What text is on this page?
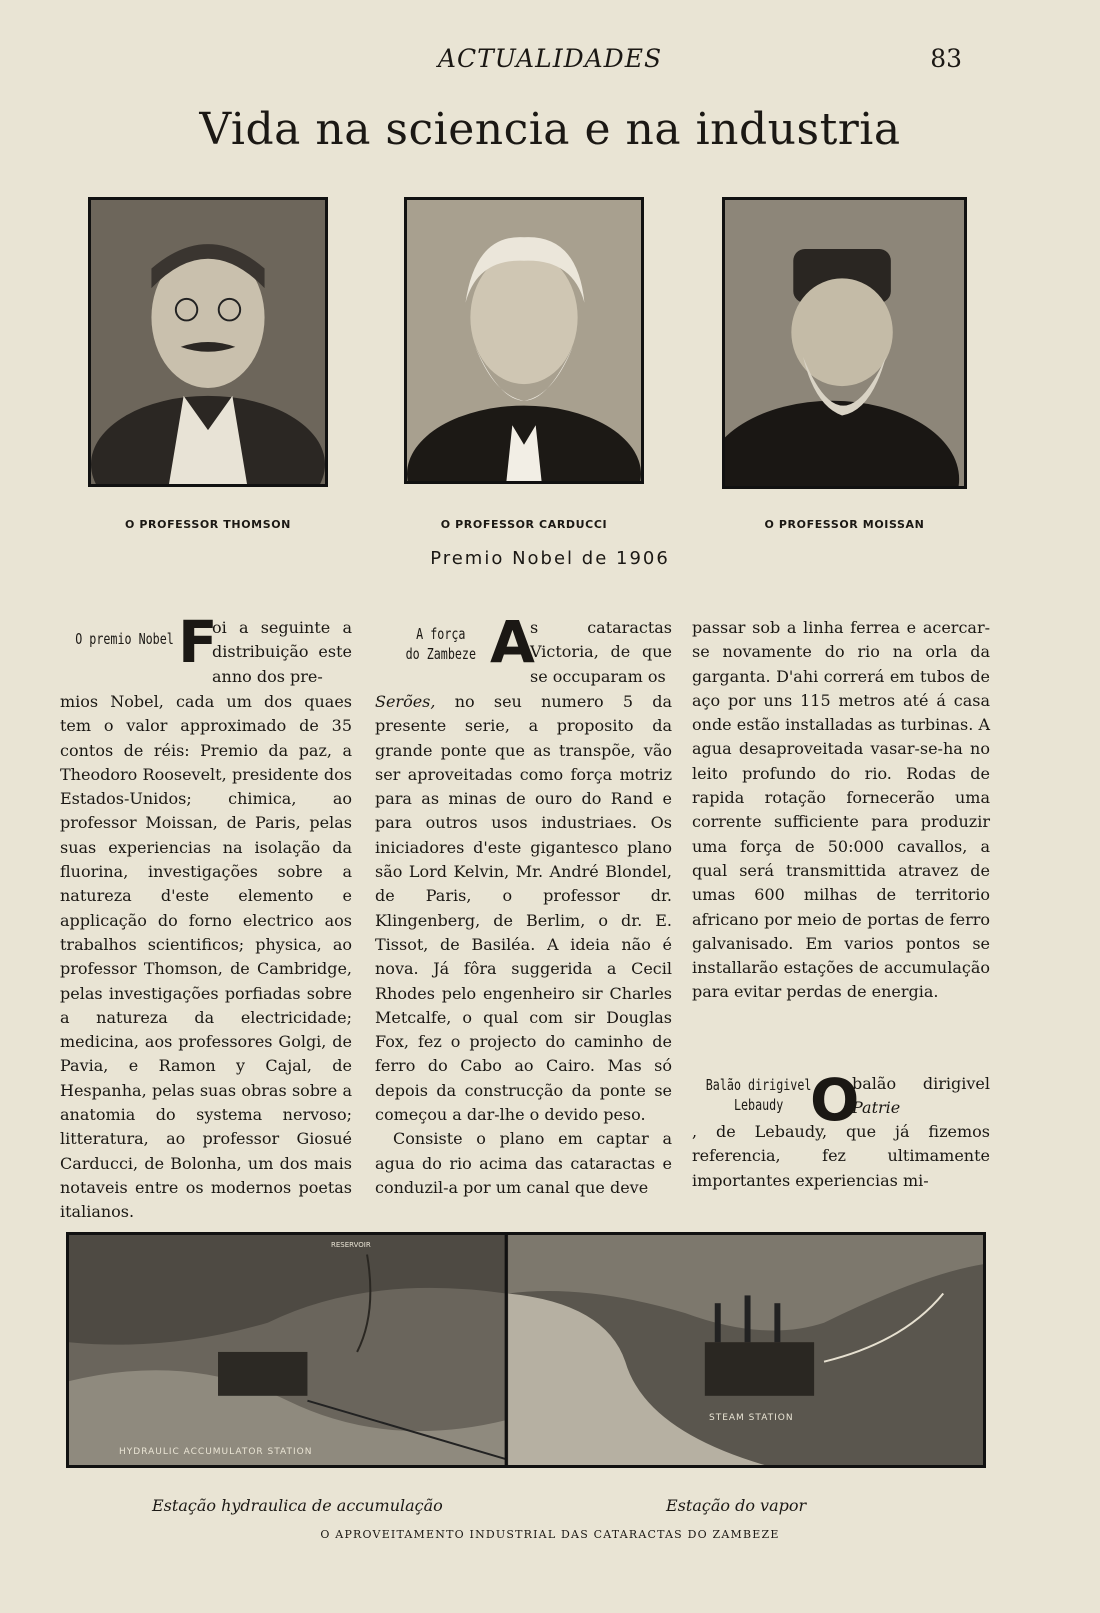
ACTUALIDADES	83
Vida na sciencia e na industria
O PROFESSOR THOMSON	O PROFESSOR CARDUCCI	O PROFESSOR MOISSAN
Premio Nobel de 1906
O premio Nobel F
oi a seguinte a distribuição este anno dos pre-
mios Nobel, cada um dos quaes tem o valor approximado de 35 contos de réis: Premio da paz, a Theodoro Roosevelt, presidente dos Estados-Unidos; chimica, ao professor Moissan, de Paris, pelas suas experiencias na isolação da fluorina, investigações sobre a natureza d'este elemento e applicação do forno electrico aos trabalhos scientificos; physica, ao professor Thomson, de Cambridge, pelas investigações porfiadas sobre a natureza da electricidade; medicina, aos professores Golgi, de Pavia, e Ramon y Cajal, de Hespanha, pelas suas obras sobre a anatomia do systema nervoso; litteratura, ao professor Giosué Carducci, de Bolonha, um dos mais notaveis entre os modernos poetas italianos.
A força
do Zambeze A
s cataractas Victoria, de que se occuparam os

Serões, no seu numero 5 da presente serie, a proposito da grande ponte que as transpõe, vão ser aproveitadas como força motriz para as minas de ouro do Rand e para outros usos industriaes. Os iniciadores d'este gigantesco plano são Lord Kelvin, Mr. André Blondel, de Paris, o professor dr. Klingenberg, de Berlim, o dr. E. Tissot, de Basiléa. A ideia não é nova. Já fôra suggerida a Cecil Rhodes pelo engenheiro sir Charles Metcalfe, o qual com sir Douglas Fox, fez o projecto do caminho de ferro do Cabo ao Cairo. Mas só depois da construcção da ponte se começou a dar-lhe o devido peso.

Consiste o plano em captar a agua do rio acima das cataractas e conduzil-a por um canal que deve

passar sob a linha ferrea e acercar-se novamente do rio na orla da garganta. D'ahi correrá em tubos de aço por uns 115 metros até á casa onde estão installadas as turbinas. A agua desaproveitada vasar-se-ha no leito profundo do rio. Rodas de rapida rotação fornecerão uma corrente sufficiente para produzir uma força de 50:000 cavallos, a qual será transmittida atravez de umas 600 milhas de territorio africano por meio de portas de ferro galvanisado. Em varios pontos se installarão estações de accumulação para evitar perdas de energia.
Balão dirigivel
Lebaudy O
balão dirigivel Patrie
, de Lebaudy, que já fizemos referencia, fez ultimamente importantes experiencias mi-
HYDRAULIC ACCUMULATOR STATION
STEAM STATION
RESERVOIR
Estação hydraulica de accumulação	Estação do vapor
O APROVEITAMENTO INDUSTRIAL DAS CATARACTAS DO ZAMBEZE
